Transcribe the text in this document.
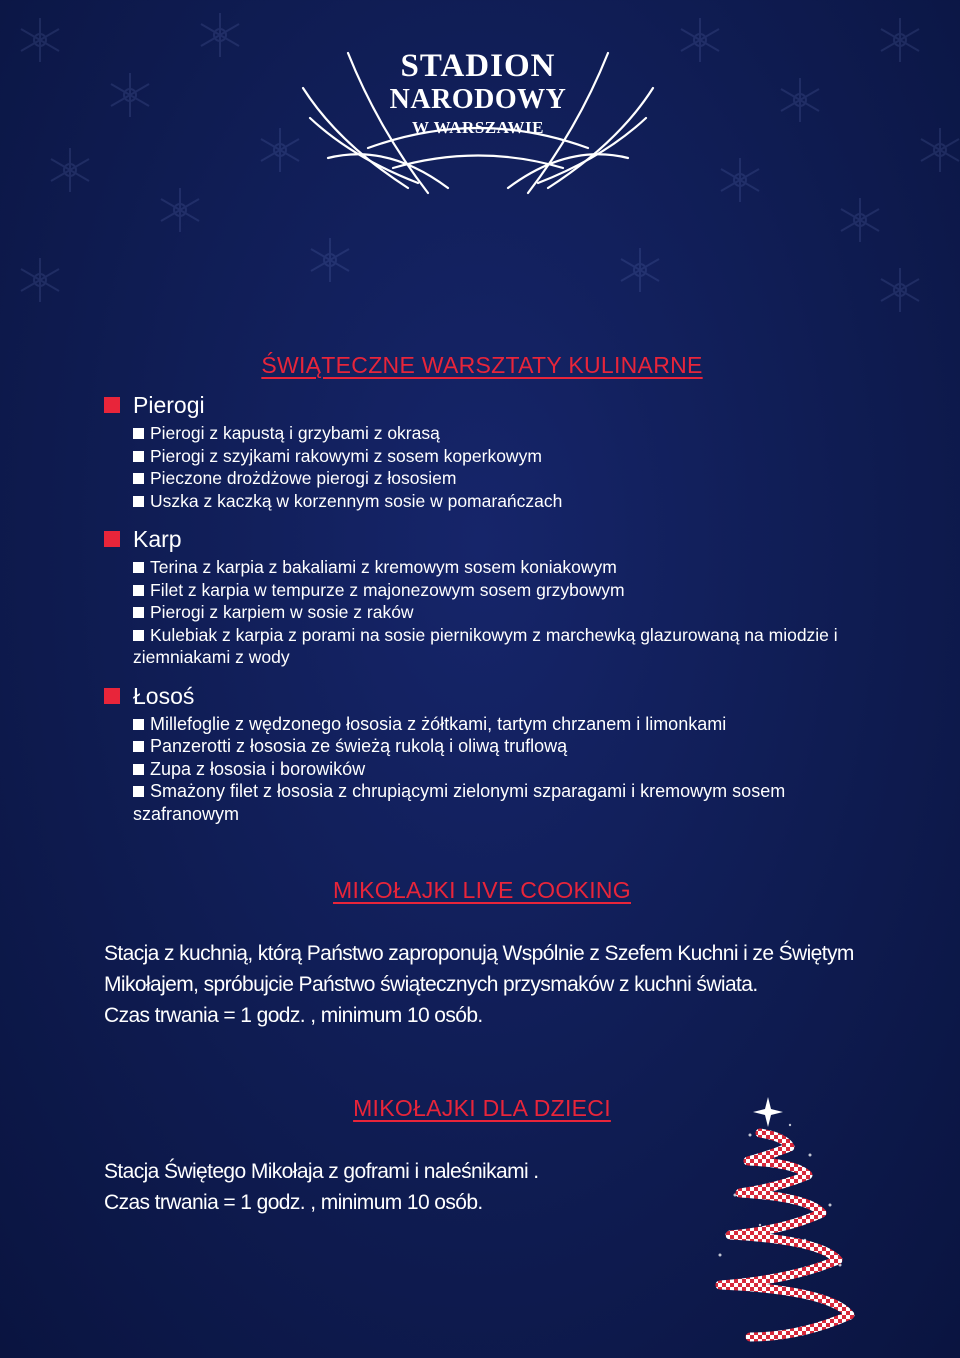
STADION
NARODOWY
W WARSZAWIE
ŚWIĄTECZNE WARSZTATY KULINARNE
Pierogi
Pierogi z kapustą i grzybami z okrasą
Pierogi z szyjkami rakowymi z sosem koperkowym
Pieczone drożdżowe pierogi z łososiem
Uszka z kaczką w korzennym sosie w pomarańczach
Karp
Terina z karpia z bakaliami z kremowym sosem koniakowym
Filet z karpia w tempurze z majonezowym sosem grzybowym
Pierogi z karpiem w sosie z raków
Kulebiak z karpia z porami na sosie piernikowym z marchewką glazurowaną na miodzie i ziemniakami z wody
Łosoś
Millefoglie z wędzonego łososia z żółtkami, tartym chrzanem i limonkami
Panzerotti z łososia ze świeżą rukolą i oliwą truflową
Zupa z łososia i borowików
Smażony filet z łososia z chrupiącymi zielonymi szparagami i kremowym sosem szafranowym
MIKOŁAJKI LIVE COOKING
Stacja z kuchnią, którą Państwo zaproponują Wspólnie z Szefem Kuchni i ze Świętym
Mikołajem, spróbujcie Państwo świątecznych przysmaków z kuchni świata.
Czas trwania = 1 godz. , minimum 10 osób.
MIKOŁAJKI DLA DZIECI
Stacja Świętego Mikołaja z goframi i naleśnikami .
Czas trwania = 1 godz. , minimum 10 osób.
